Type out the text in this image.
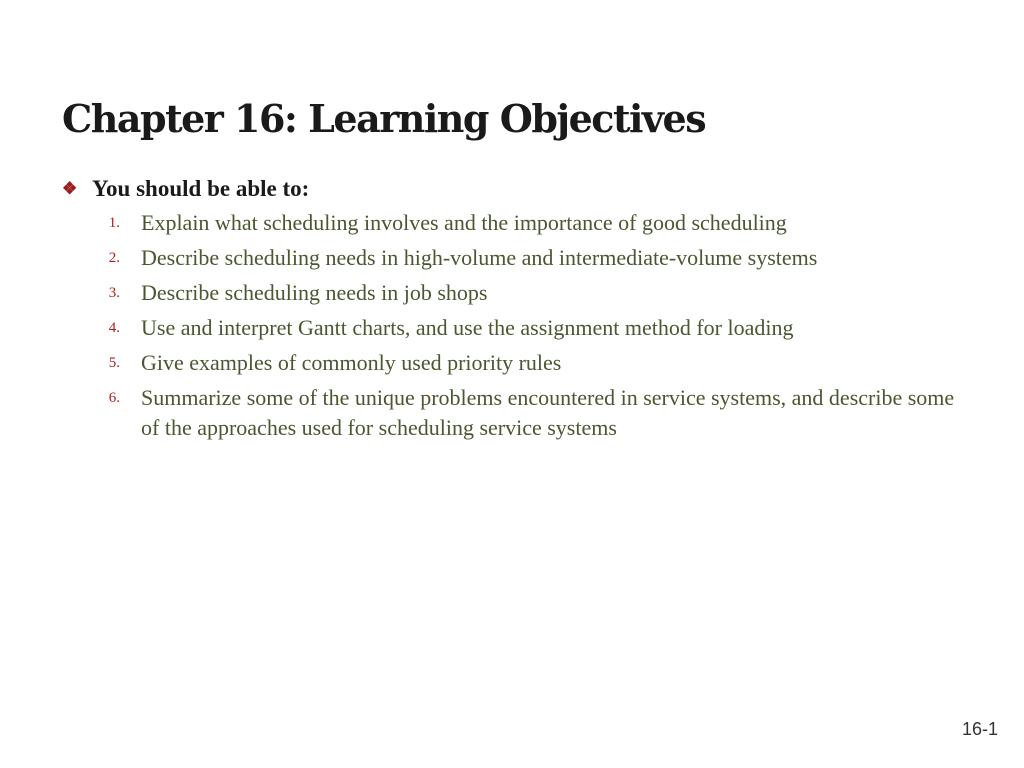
Chapter 16: Learning Objectives
❖ You should be able to:
1. Explain what scheduling involves and the importance of good scheduling
2. Describe scheduling needs in high-volume and intermediate-volume systems
3. Describe scheduling needs in job shops
4. Use and interpret Gantt charts, and use the assignment method for loading
5. Give examples of commonly used priority rules
6. Summarize some of the unique problems encountered in service systems, and describe some of the approaches used for scheduling service systems
16-1
